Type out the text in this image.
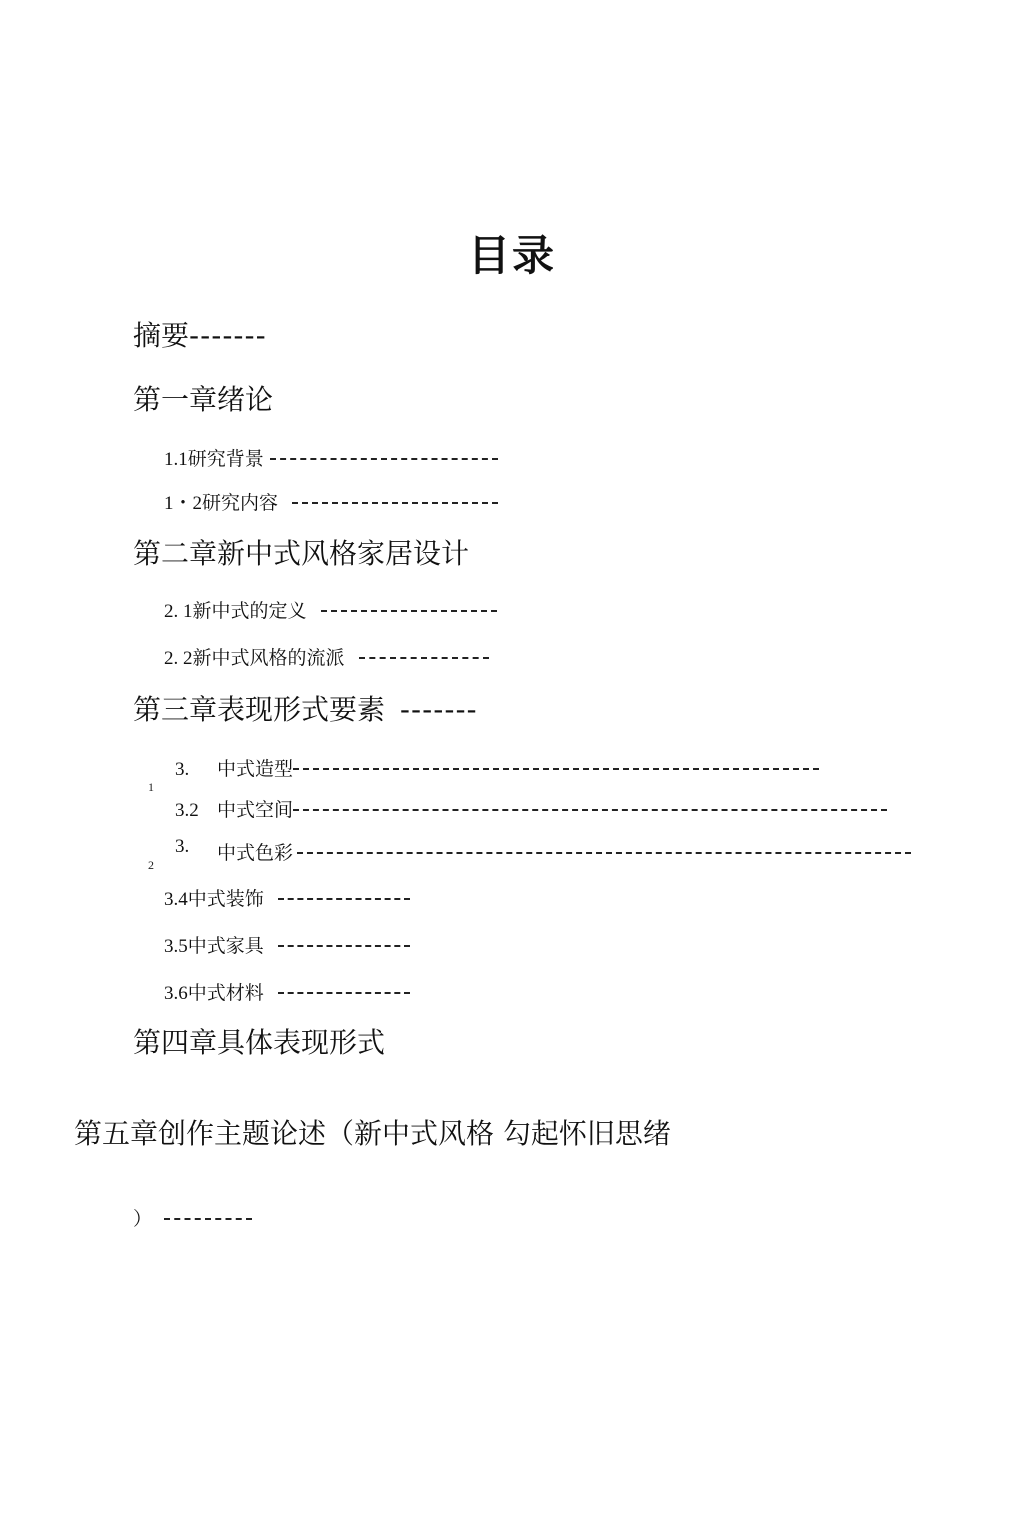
目录
摘要-------
第一章绪论
1.1研究背景
1・2研究内容
第二章新中式风格家居设计
2. 1新中式的定义
2. 2新中式风格的流派
第三章表现形式要素 -------
3. 中式造型
1
3.2 中式空间
3. 中式色彩
2
3.4中式装饰
3.5中式家具
3.6中式材料
第四章具体表现形式
第五章创作主题论述（新中式风格 勾起怀旧思绪
）
